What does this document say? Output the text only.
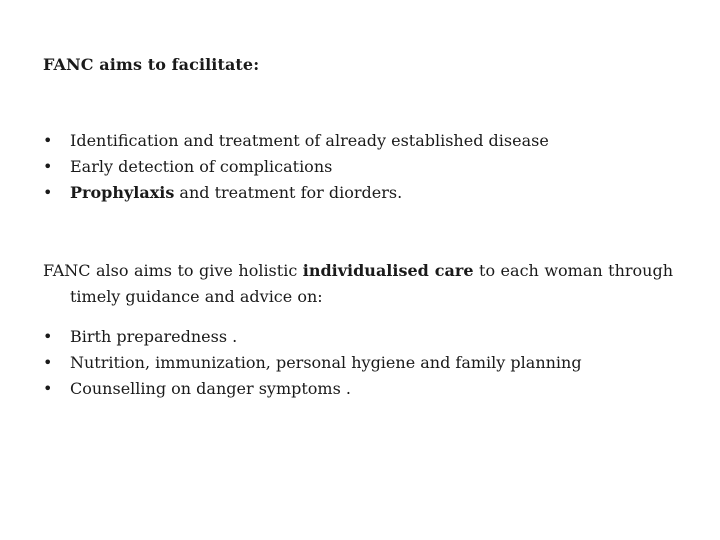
FANC aims to facilitate:
• Identification and treatment of already established disease
• Early detection of complications
• Prophylaxis and treatment for diorders.

FANC also aims to give holistic individualised care to each woman through timely guidance and advice on:

• Birth preparedness .
• Nutrition, immunization, personal hygiene and family planning
• Counselling on danger symptoms .
